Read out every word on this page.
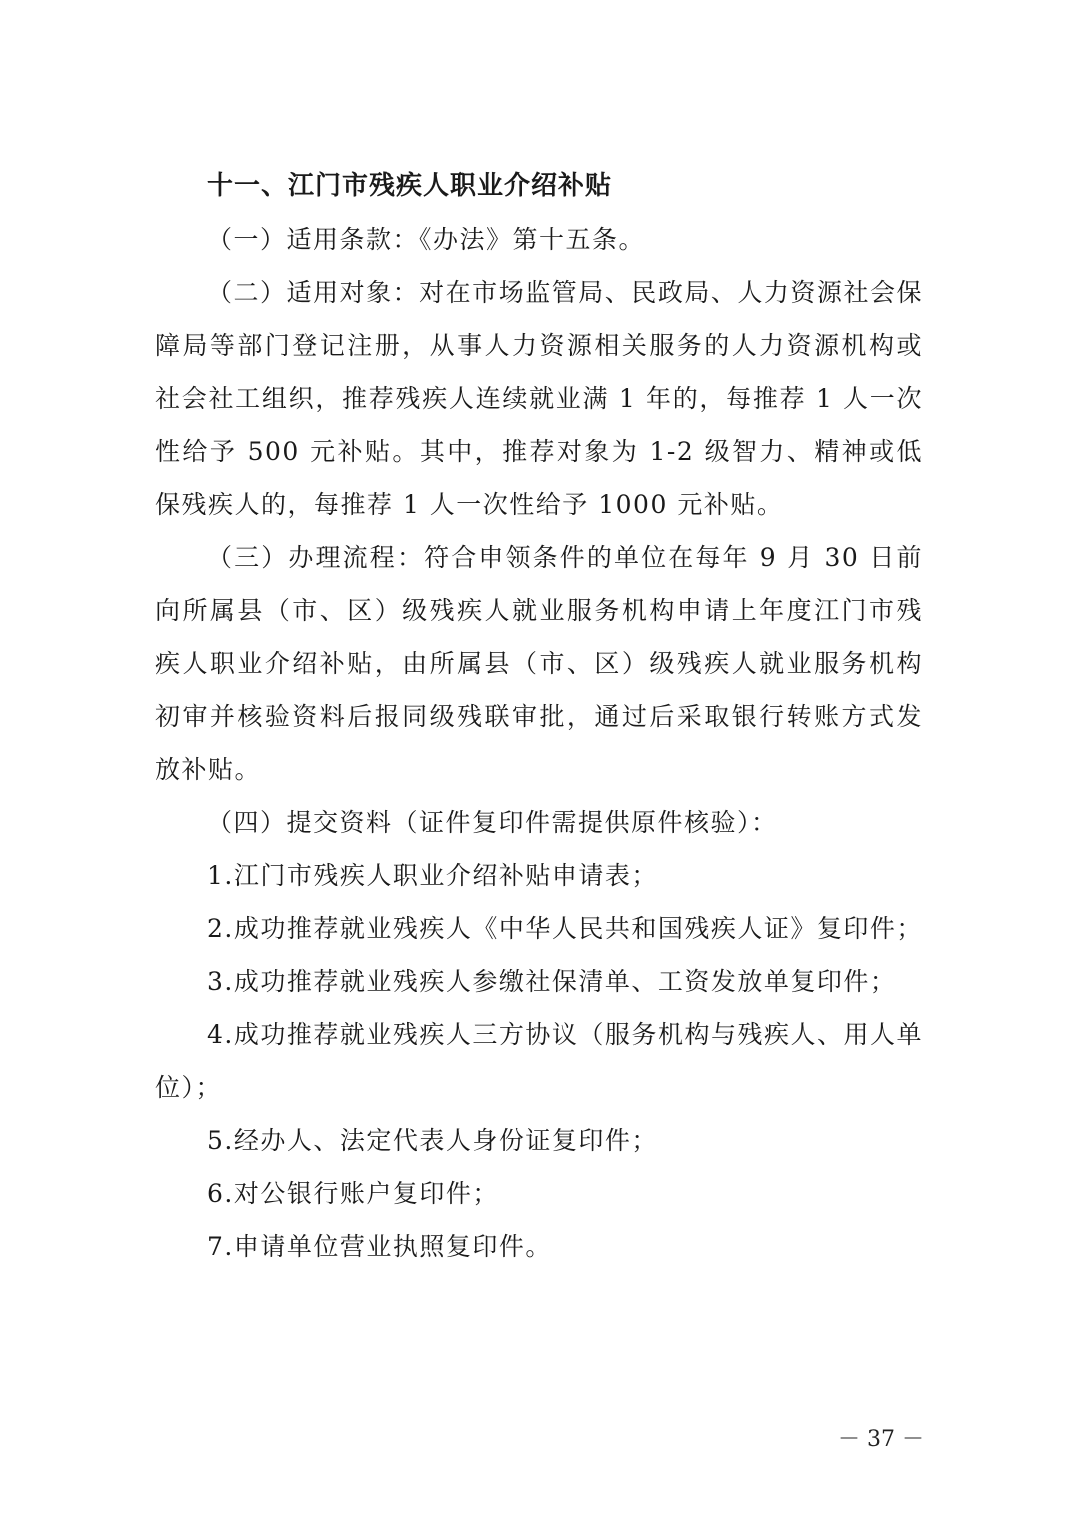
十一、江门市残疾人职业介绍补贴

（一）适用条款：《办法》第十五条。

（二）适用对象：对在市场监管局、民政局、人力资源社会保障局等部门登记注册，从事人力资源相关服务的人力资源机构或社会社工组织，推荐残疾人连续就业满 1 年的，每推荐 1 人一次性给予 500 元补贴。其中，推荐对象为 1-2 级智力、精神或低保残疾人的，每推荐 1 人一次性给予 1000 元补贴。

（三）办理流程：符合申领条件的单位在每年 9 月 30 日前向所属县（市、区）级残疾人就业服务机构申请上年度江门市残疾人职业介绍补贴，由所属县（市、区）级残疾人就业服务机构初审并核验资料后报同级残联审批，通过后采取银行转账方式发放补贴。

（四）提交资料（证件复印件需提供原件核验）：

1.江门市残疾人职业介绍补贴申请表；

2.成功推荐就业残疾人《中华人民共和国残疾人证》复印件；

3.成功推荐就业残疾人参缴社保清单、工资发放单复印件；

4.成功推荐就业残疾人三方协议（服务机构与残疾人、用人单位）；

5.经办人、法定代表人身份证复印件；

6.对公银行账户复印件；

7.申请单位营业执照复印件。

－ 37 －
